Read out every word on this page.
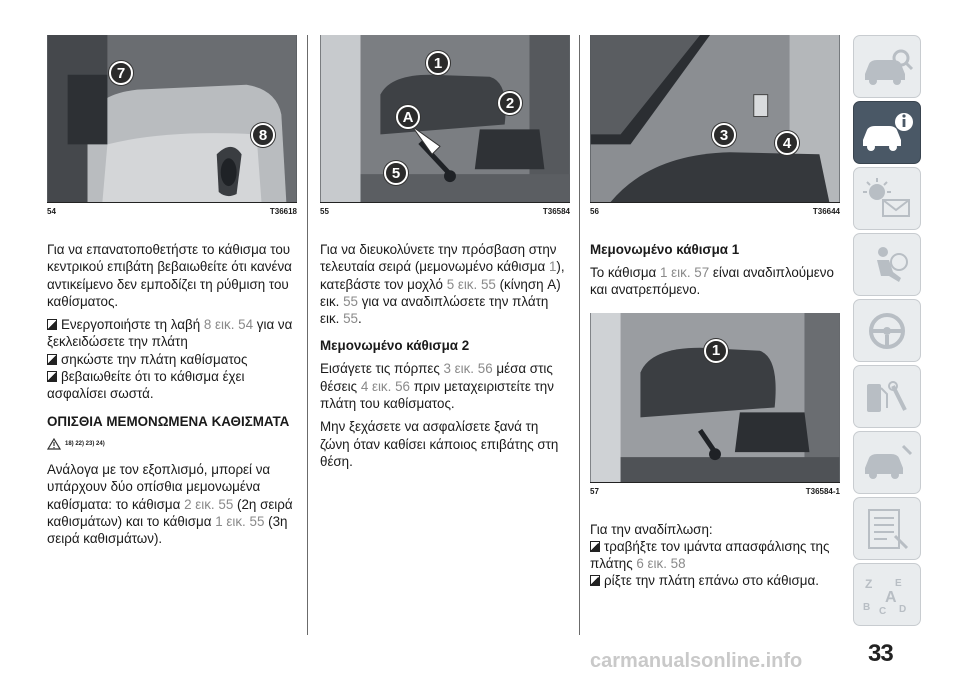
7
8
54	T36618

Για να επανατοποθετήστε το κάθισμα του κεντρικού επιβάτη βεβαιωθείτε ότι κανένα αντικείμενο δεν εμποδίζει τη ρύθμιση του καθίσματος.

Ενεργοποιήστε τη λαβή 8 εικ. 54 για να ξεκλειδώσετε την πλάτη
σηκώστε την πλάτη καθίσματος
βεβαιωθείτε ότι το κάθισμα έχει ασφαλίσει σωστά.
ΟΠΙΣΘΙΑ ΜΕΜΟΝΩΜΕΝΑ ΚΑΘΙΣΜΑΤΑ
18) 22) 23) 24)

Ανάλογα με τον εξοπλισμό, μπορεί να υπάρχουν δύο οπίσθια μεμονωμένα καθίσματα: το κάθισμα 2 εικ. 55 (2η σειρά καθισμάτων) και το κάθισμα 1 εικ. 55 (3η σειρά καθισμάτων).

1
2
A
5
55	T36584

Για να διευκολύνετε την πρόσβαση στην τελευταία σειρά (μεμονωμένο κάθισμα 1), κατεβάστε τον μοχλό 5 εικ. 55 (κίνηση A) εικ. 55 για να αναδιπλώσετε την πλάτη εικ. 55.

Μεμονωμένο κάθισμα 2

Εισάγετε τις πόρπες 3 εικ. 56 μέσα στις θέσεις 4 εικ. 56 πριν μεταχειριστείτε την πλάτη του καθίσματος.

Μην ξεχάσετε να ασφαλίσετε ξανά τη ζώνη όταν καθίσει κάποιος επιβάτης στη θέση.

3	4
56	T36644
Μεμονωμένο κάθισμα 1

Το κάθισμα 1 εικ. 57 είναι αναδιπλούμενο και ανατρεπόμενο.

1
57	T36584-1
Για την αναδίπλωση:
τραβήξτε τον ιμάντα απασφάλισης της πλάτης 6 εικ. 58
ρίξτε την πλάτη επάνω στο κάθισμα.	Z E
B C D
A
33
carmanualsonline.info
